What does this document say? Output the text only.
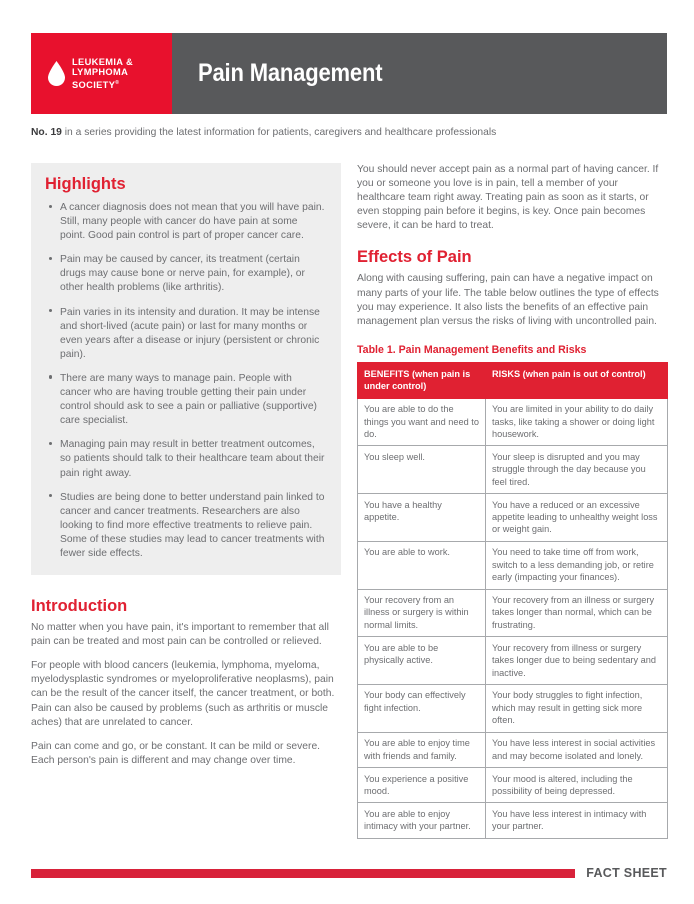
LEUKEMIA &
LYMPHOMA
SOCIETY®	Pain Management
No. 19 in a series providing the latest information for patients, caregivers and healthcare professionals
Highlights
A cancer diagnosis does not mean that you will have pain. Still, many people with cancer do have pain at some point. Good pain control is part of proper cancer care.
Pain may be caused by cancer, its treatment (certain drugs may cause bone or nerve pain, for example), or other health problems (like arthritis).
Pain varies in its intensity and duration. It may be intense and short-lived (acute pain) or last for many months or even years after a disease or injury (persistent or chronic pain).
There are many ways to manage pain. People with cancer who are having trouble getting their pain under control should ask to see a pain or palliative (supportive) care specialist.
Managing pain may result in better treatment outcomes, so patients should talk to their healthcare team about their pain right away.
Studies are being done to better understand pain linked to cancer and cancer treatments. Researchers are also looking to find more effective treatments to relieve pain. Some of these studies may lead to cancer treatments with fewer side effects.
Introduction

No matter when you have pain, it's important to remember that all pain can be treated and most pain can be controlled or relieved.

For people with blood cancers (leukemia, lymphoma, myeloma, myelodysplastic syndromes or myeloproliferative neoplasms), pain can be the result of the cancer itself, the cancer treatment, or both. Pain can also be caused by problems (such as arthritis or muscle aches) that are unrelated to cancer.

Pain can come and go, or be constant. It can be mild or severe. Each person's pain is different and may change over time.

You should never accept pain as a normal part of having cancer. If you or someone you love is in pain, tell a member of your healthcare team right away. Treating pain as soon as it starts, or even stopping pain before it begins, is key. Once pain becomes severe, it can be hard to treat.

Effects of Pain

Along with causing suffering, pain can have a negative impact on many parts of your life. The table below outlines the type of effects you may experience. It also lists the benefits of an effective pain management plan versus the risks of living with uncontrolled pain.

Table 1. Pain Management Benefits and Risks
BENEFITS (when pain is under control)	RISKS (when pain is out of control)
You are able to do the things you want and need to do.	You are limited in your ability to do daily tasks, like taking a shower or doing light housework.
You sleep well.	Your sleep is disrupted and you may struggle through the day because you feel tired.
You have a healthy appetite.	You have a reduced or an excessive appetite leading to unhealthy weight loss or weight gain.
You are able to work.	You need to take time off from work, switch to a less demanding job, or retire early (impacting your finances).
Your recovery from an illness or surgery is within normal limits.	Your recovery from an illness or surgery takes longer than normal, which can be frustrating.
You are able to be physically active.	Your recovery from illness or surgery takes longer due to being sedentary and inactive.
Your body can effectively fight infection.	Your body struggles to fight infection, which may result in getting sick more often.
You are able to enjoy time with friends and family.	You have less interest in social activities and may become isolated and lonely.
You experience a positive mood.	Your mood is altered, including the possibility of being depressed.
You are able to enjoy intimacy with your partner.	You have less interest in intimacy with your partner.
FACT SHEET
